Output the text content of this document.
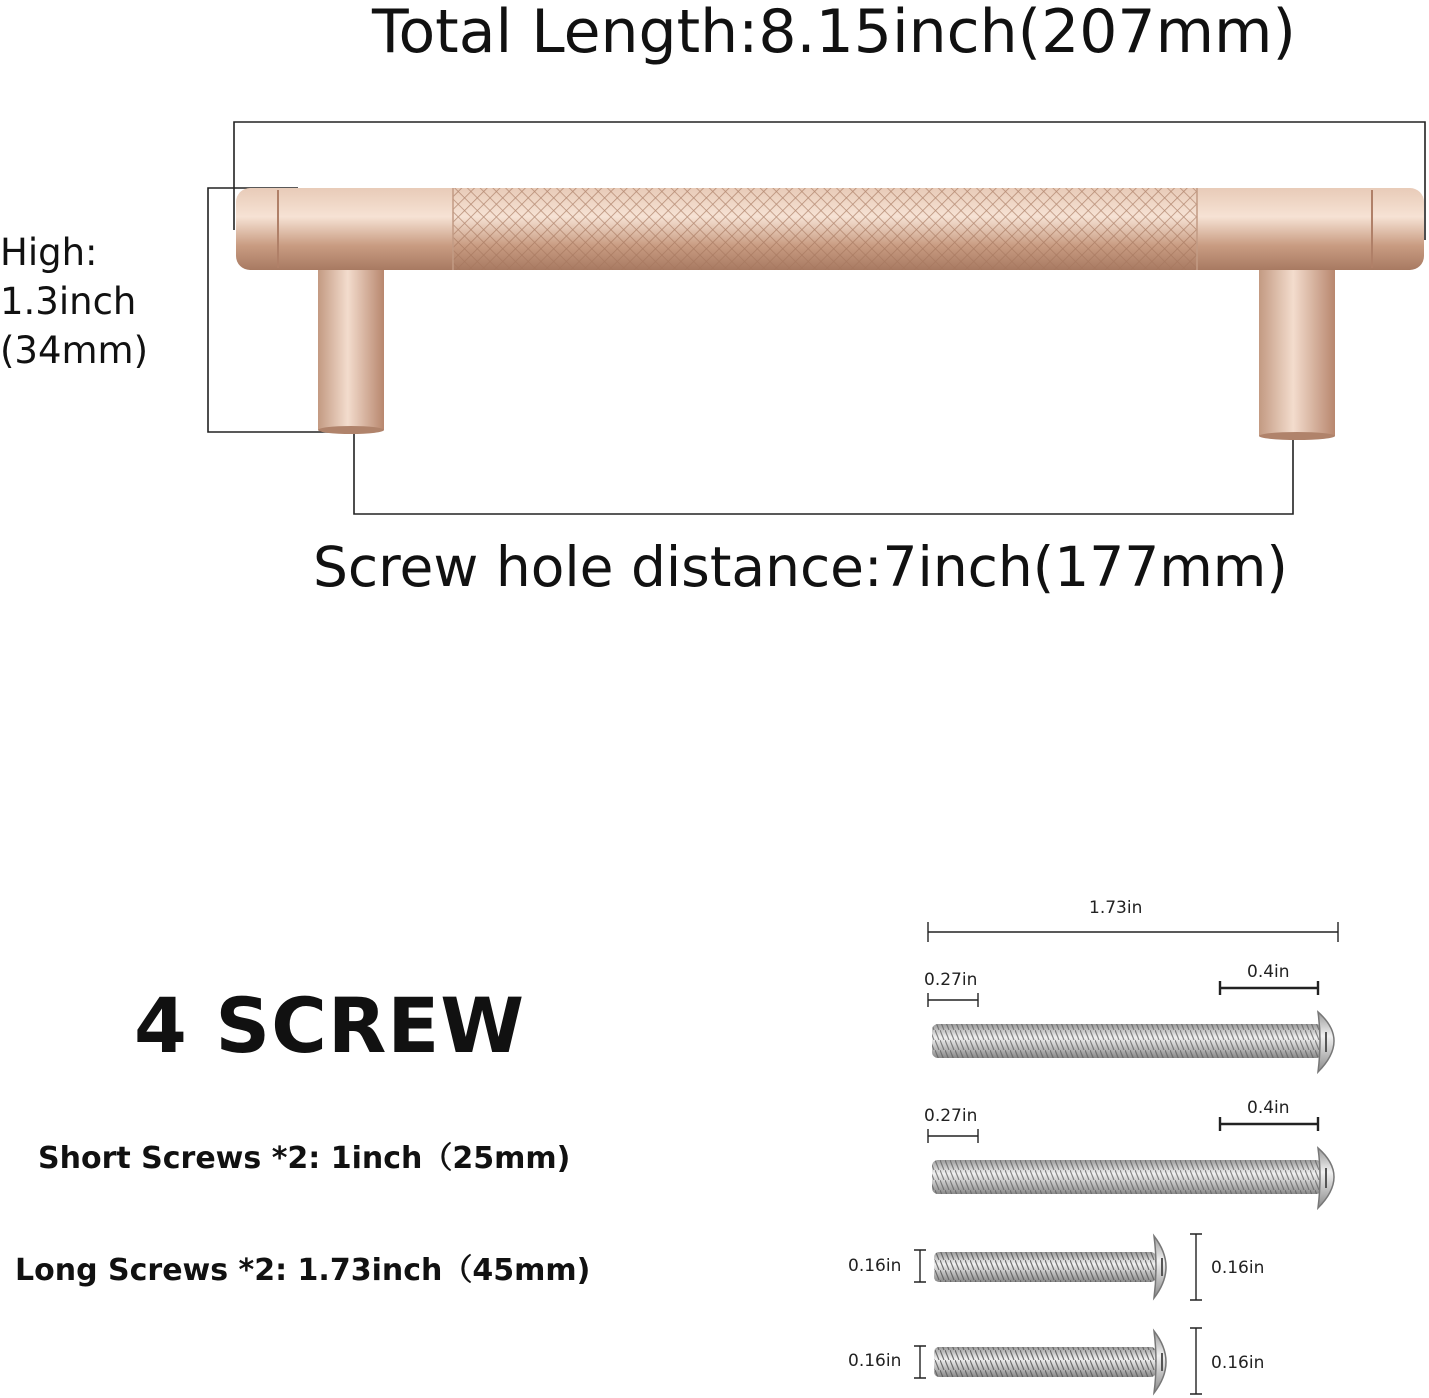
Total Length:8.15inch(207mm)
High:
1.3inch
(34mm)
Screw hole distance:7inch(177mm)
4 SCREW
Short Screws *2: 1inch（25mm)
Long Screws *2: 1.73inch（45mm)
1.73in
0.27in	0.4in
0.27in	0.4in
0.16in	0.16in
0.16in	0.16in
